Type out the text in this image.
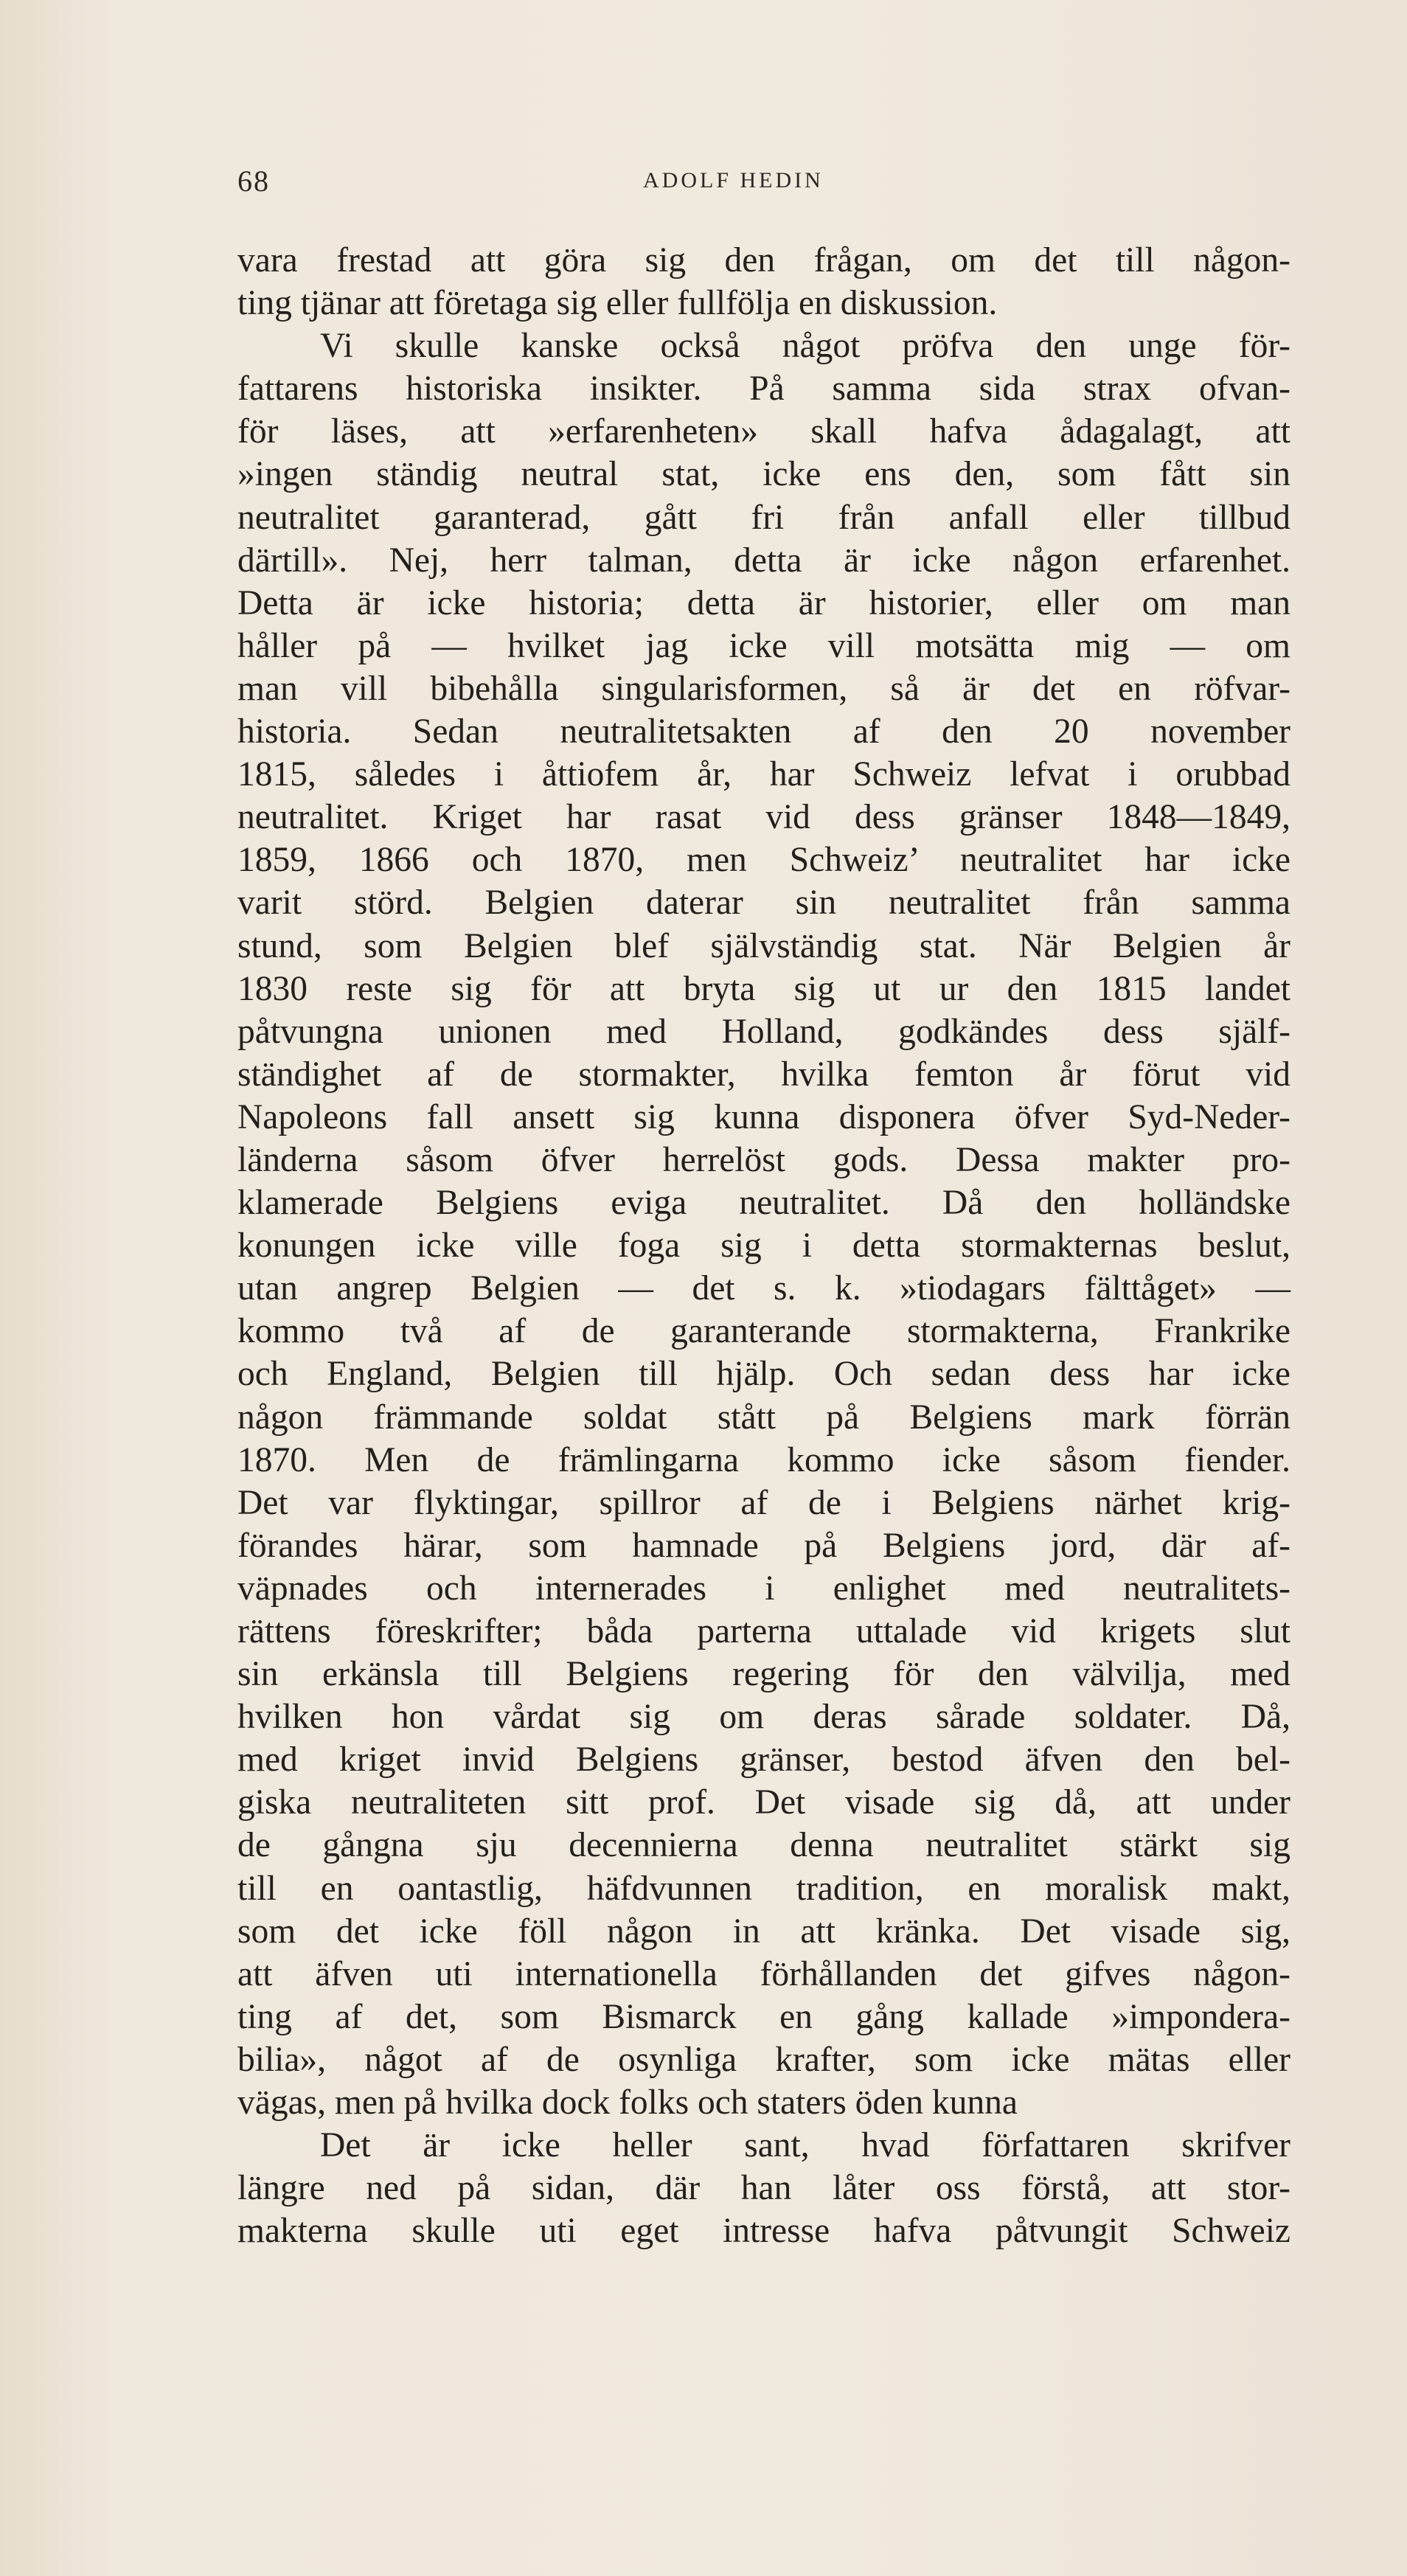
68	ADOLF HEDIN
vara frestad att göra sig den frågan, om det till någon-
ting tjänar att företaga sig eller fullfölja en diskussion.
Vi skulle kanske också något pröfva den unge för-
fattarens historiska insikter. På samma sida strax ofvan-
för läses, att »erfarenheten» skall hafva ådagalagt, att
»ingen ständig neutral stat, icke ens den, som fått sin
neutralitet garanterad, gått fri från anfall eller tillbud
därtill». Nej, herr talman, detta är icke någon erfarenhet.
Detta är icke historia; detta är historier, eller om man
håller på — hvilket jag icke vill motsätta mig — om
man vill bibehålla singularisformen, så är det en röfvar-
historia. Sedan neutralitetsakten af den 20 november
1815, således i åttiofem år, har Schweiz lefvat i orubbad
neutralitet. Kriget har rasat vid dess gränser 1848—1849,
1859, 1866 och 1870, men Schweiz’ neutralitet har icke
varit störd. Belgien daterar sin neutralitet från samma
stund, som Belgien blef självständig stat. När Belgien år
1830 reste sig för att bryta sig ut ur den 1815 landet
påtvungna unionen med Holland, godkändes dess själf-
ständighet af de stormakter, hvilka femton år förut vid
Napoleons fall ansett sig kunna disponera öfver Syd-Neder-
länderna såsom öfver herrelöst gods. Dessa makter pro-
klamerade Belgiens eviga neutralitet. Då den holländske
konungen icke ville foga sig i detta stormakternas beslut,
utan angrep Belgien — det s. k. »tiodagars fälttåget» —
kommo två af de garanterande stormakterna, Frankrike
och England, Belgien till hjälp. Och sedan dess har icke
någon främmande soldat stått på Belgiens mark förrän
1870. Men de främlingarna kommo icke såsom fiender.
Det var flyktingar, spillror af de i Belgiens närhet krig-
förandes härar, som hamnade på Belgiens jord, där af-
väpnades och internerades i enlighet med neutralitets-
rättens föreskrifter; båda parterna uttalade vid krigets slut
sin erkänsla till Belgiens regering för den välvilja, med
hvilken hon vårdat sig om deras sårade soldater. Då,
med kriget invid Belgiens gränser, bestod äfven den bel-
giska neutraliteten sitt prof. Det visade sig då, att under
de gångna sju decennierna denna neutralitet stärkt sig
till en oantastlig, häfdvunnen tradition, en moralisk makt,
som det icke föll någon in att kränka. Det visade sig,
att äfven uti internationella förhållanden det gifves någon-
ting af det, som Bismarck en gång kallade »impondera-
bilia», något af de osynliga krafter, som icke mätas eller
vägas, men på hvilka dock folks och staters öden kunna
Det är icke heller sant, hvad författaren skrifver
längre ned på sidan, där han låter oss förstå, att stor-
makterna skulle uti eget intresse hafva påtvungit Schweiz
